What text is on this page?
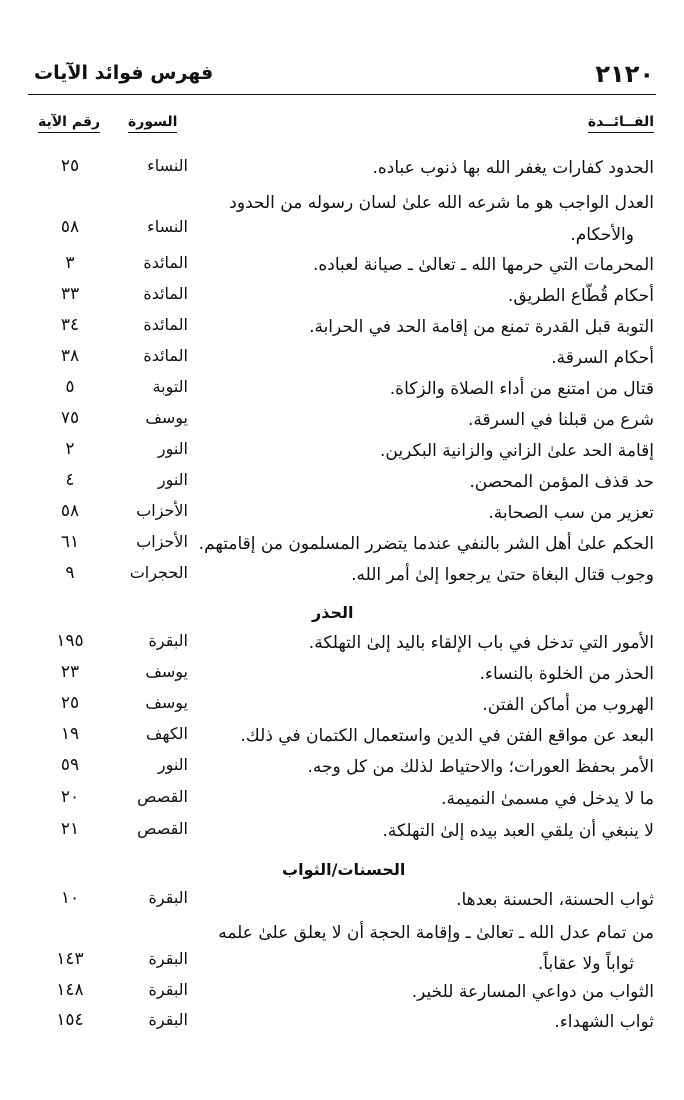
٢١٢٠
فهرس فوائد الآيات
الفــائــدة
السورة
رقم الآية
الحدود كفارات يغفر الله بها ذنوب عباده.
النساء
٢٥
العدل الواجب هو ما شرعه الله علىٰ لسان رسوله من الحدود
والأحكام.
النساء
٥٨
المحرمات التي حرمها الله ـ تعالىٰ ـ صيانة لعباده.
المائدة
٣
أحكام قُطّاع الطريق.
المائدة
٣٣
التوبة قبل القدرة تمنع من إقامة الحد في الحرابة.
المائدة
٣٤
أحكام السرقة.
المائدة
٣٨
قتال من امتنع من أداء الصلاة والزكاة.
التوبة
٥
شرع من قبلنا في السرقة.
يوسف
٧٥
إقامة الحد علىٰ الزاني والزانية البكرين.
النور
٢
حد قذف المؤمن المحصن.
النور
٤
تعزير من سب الصحابة.
الأحزاب
٥٨
الحكم علىٰ أهل الشر بالنفي عندما يتضرر المسلمون من إقامتهم.
الأحزاب
٦١
وجوب قتال البغاة حتىٰ يرجعوا إلىٰ أمر الله.
الحجرات
٩
الحذر
الأمور التي تدخل في باب الإلقاء باليد إلىٰ التهلكة.
البقرة
١٩٥
الحذر من الخلوة بالنساء.
يوسف
٢٣
الهروب من أماكن الفتن.
يوسف
٢٥
البعد عن مواقع الفتن في الدين واستعمال الكتمان في ذلك.
الكهف
١٩
الأمر بحفظ العورات؛ والاحتياط لذلك من كل وجه.
النور
٥٩
ما لا يدخل في مسمىٰ النميمة.
القصص
٢٠
لا ينبغي أن يلقي العبد بيده إلىٰ التهلكة.
القصص
٢١
الحسنات/الثواب
ثواب الحسنة، الحسنة بعدها.
البقرة
١٠
من تمام عدل الله ـ تعالىٰ ـ وإقامة الحجة أن لا يعلق علىٰ علمه
ثواباً ولا عقاباً.
البقرة
١٤٣
الثواب من دواعي المسارعة للخير.
البقرة
١٤٨
ثواب الشهداء.
البقرة
١٥٤
